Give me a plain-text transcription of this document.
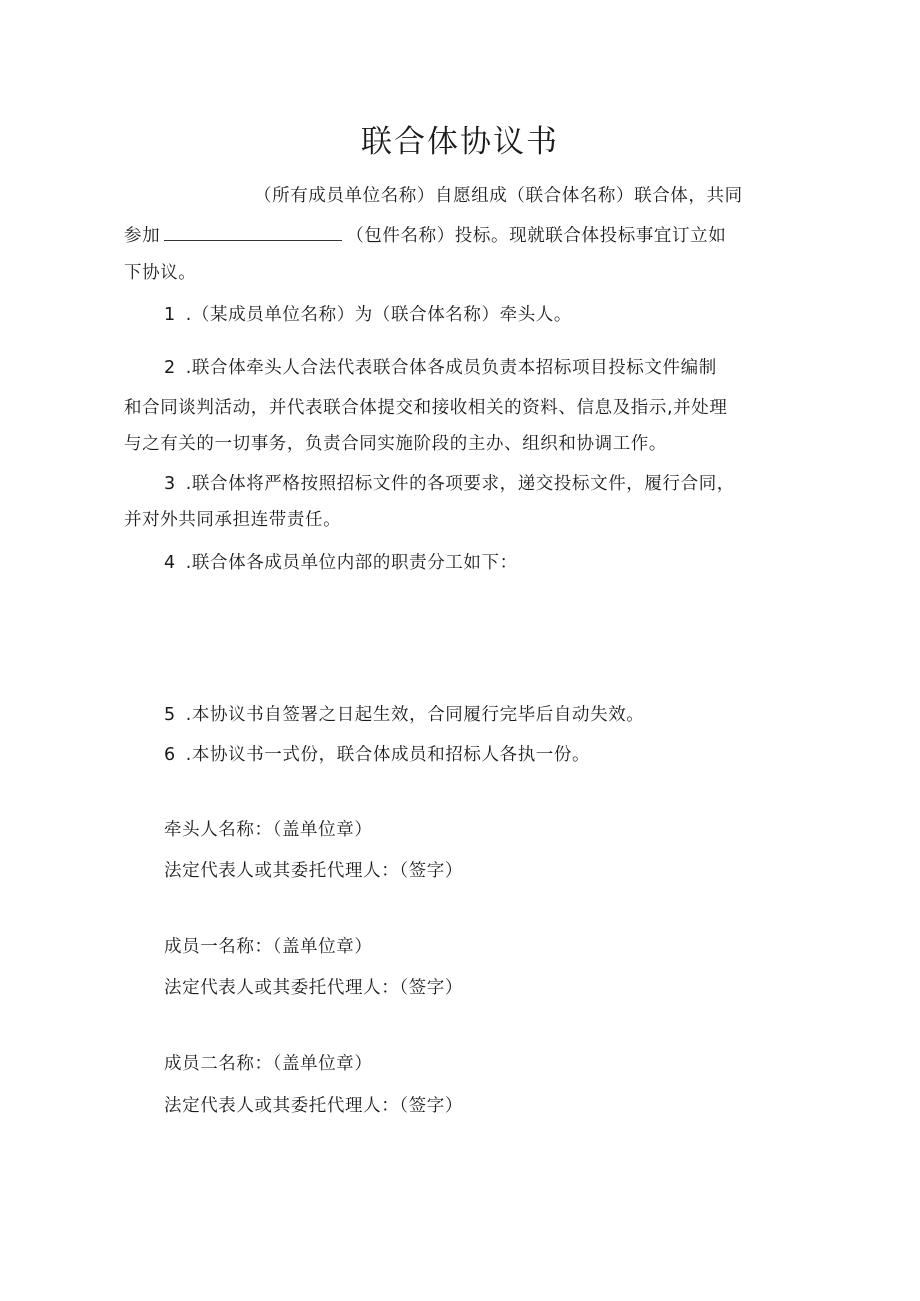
联合体协议书
（所有成员单位名称）自愿组成（联合体名称）联合体，共同
参加	（包件名称）投标。现就联合体投标事宜订立如
下协议。
1 .（某成员单位名称）为（联合体名称）牵头人。
2 .联合体牵头人合法代表联合体各成员负责本招标项目投标文件编制
和合同谈判活动，并代表联合体提交和接收相关的资料、信息及指示,并处理
与之有关的一切事务，负责合同实施阶段的主办、组织和协调工作。
3 .联合体将严格按照招标文件的各项要求，递交投标文件，履行合同，
并对外共同承担连带责任。
4 .联合体各成员单位内部的职责分工如下：
5 .本协议书自签署之日起生效，合同履行完毕后自动失效。
6 .本协议书一式份，联合体成员和招标人各执一份。
牵头人名称：（盖单位章）
法定代表人或其委托代理人：（签字）
成员一名称：（盖单位章）
法定代表人或其委托代理人：（签字）
成员二名称：（盖单位章）
法定代表人或其委托代理人：（签字）
